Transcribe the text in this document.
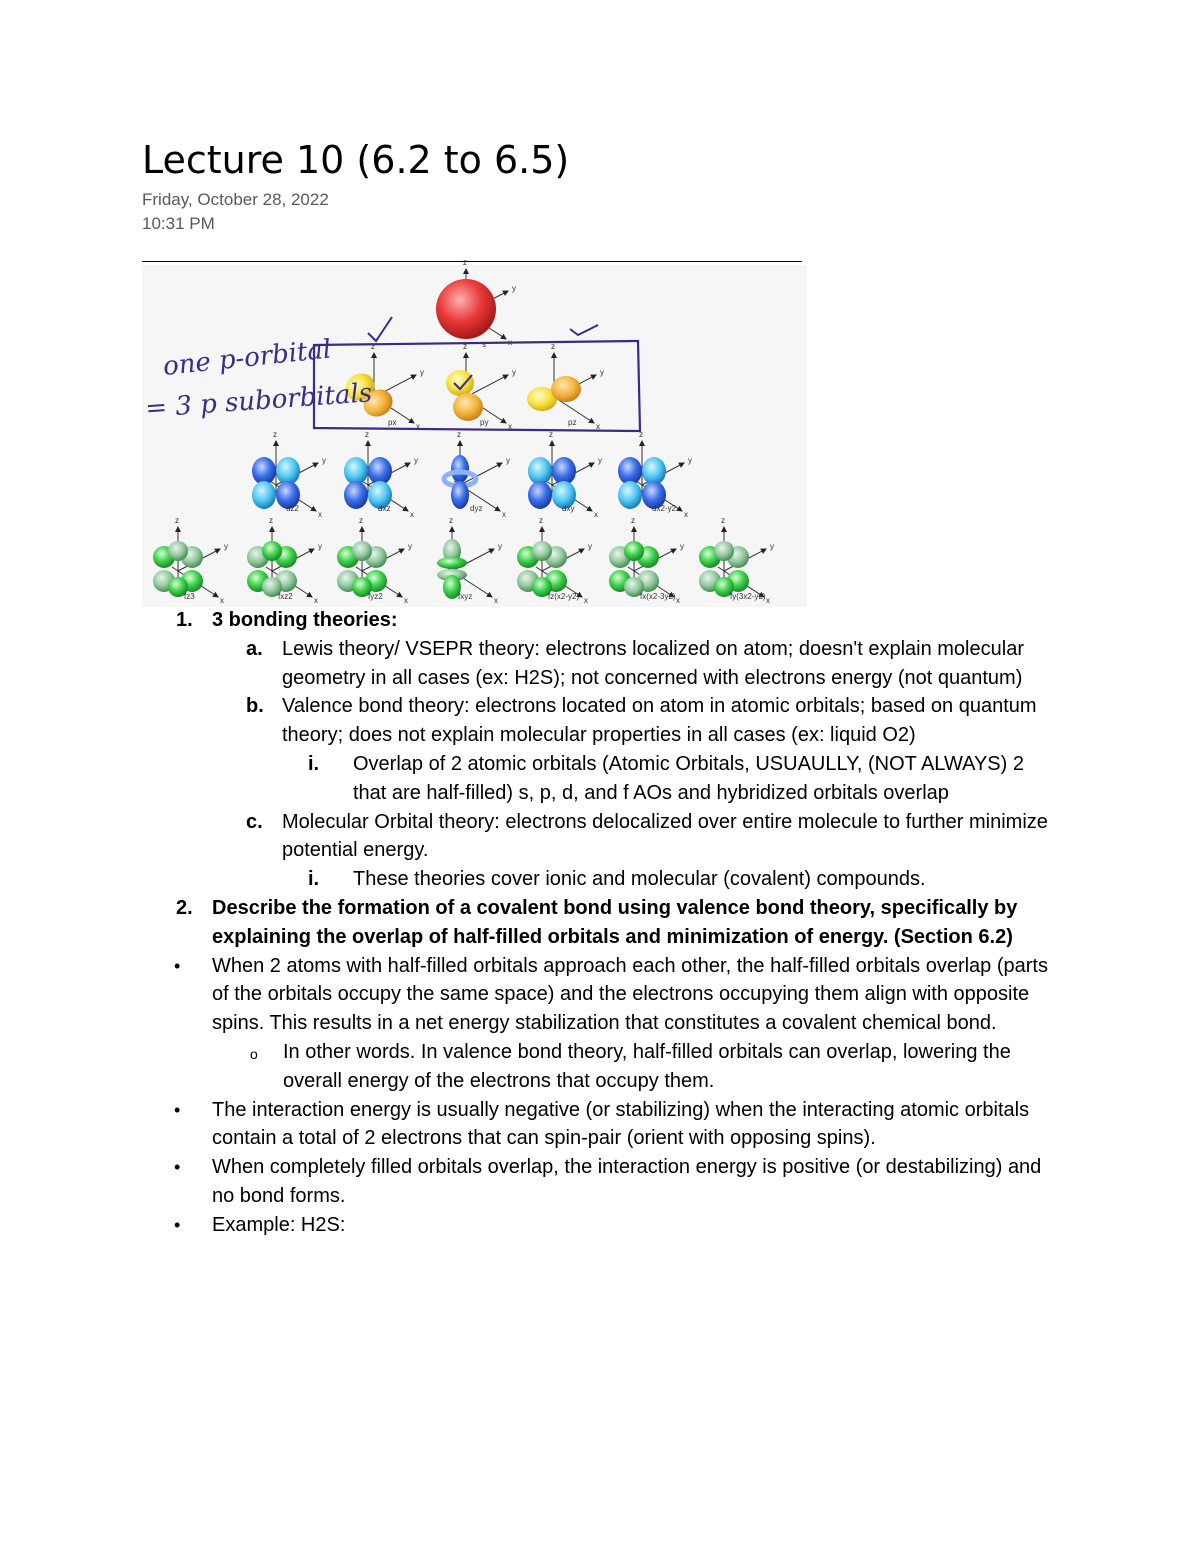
Lecture 10 (6.2 to 6.5)
Friday, October 28, 2022
10:31 PM
z
y
x
s
z
y
x
px
z
y
x
py
z
y
x
pz
one p-orbital
= 3 p suborbitals
z
y
x
dz2
z
y
x
dxz
z
y
x
dyz
z
y
x
dxy
z
y
x
dx2-y2
z
y
x
fz3
z
y
x
fxz2
z
y
x
fyz2
z
y
x
fxyz
z
y
x
fz(x2-y2)
z
y
x
fx(x2-3y2)
z
y
x
fy(3x2-y2)
1. 3 bonding theories:
a. Lewis theory/ VSEPR theory: electrons localized on atom; doesn't explain molecular geometry in all cases (ex: H2S); not concerned with electrons energy (not quantum)
b. Valence bond theory: electrons located on atom in atomic orbitals; based on quantum theory; does not explain molecular properties in all cases (ex: liquid O2)
i. Overlap of 2 atomic orbitals (Atomic Orbitals, USUAULLY, (NOT ALWAYS) 2 that are half-filled) s, p, d, and f AOs and hybridized orbitals overlap
c. Molecular Orbital theory: electrons delocalized over entire molecule to further minimize potential energy.
i. These theories cover ionic and molecular (covalent) compounds.
2. Describe the formation of a covalent bond using valence bond theory, specifically by explaining the overlap of half-filled orbitals and minimization of energy. (Section 6.2)
• When 2 atoms with half-filled orbitals approach each other, the half-filled orbitals overlap (parts of the orbitals occupy the same space) and the electrons occupying them align with opposite spins. This results in a net energy stabilization that constitutes a covalent chemical bond.
o In other words. In valence bond theory, half-filled orbitals can overlap, lowering the overall energy of the electrons that occupy them.
• The interaction energy is usually negative (or stabilizing) when the interacting atomic orbitals contain a total of 2 electrons that can spin-pair (orient with opposing spins).
• When completely filled orbitals overlap, the interaction energy is positive (or destabilizing) and no bond forms.
• Example: H2S:
